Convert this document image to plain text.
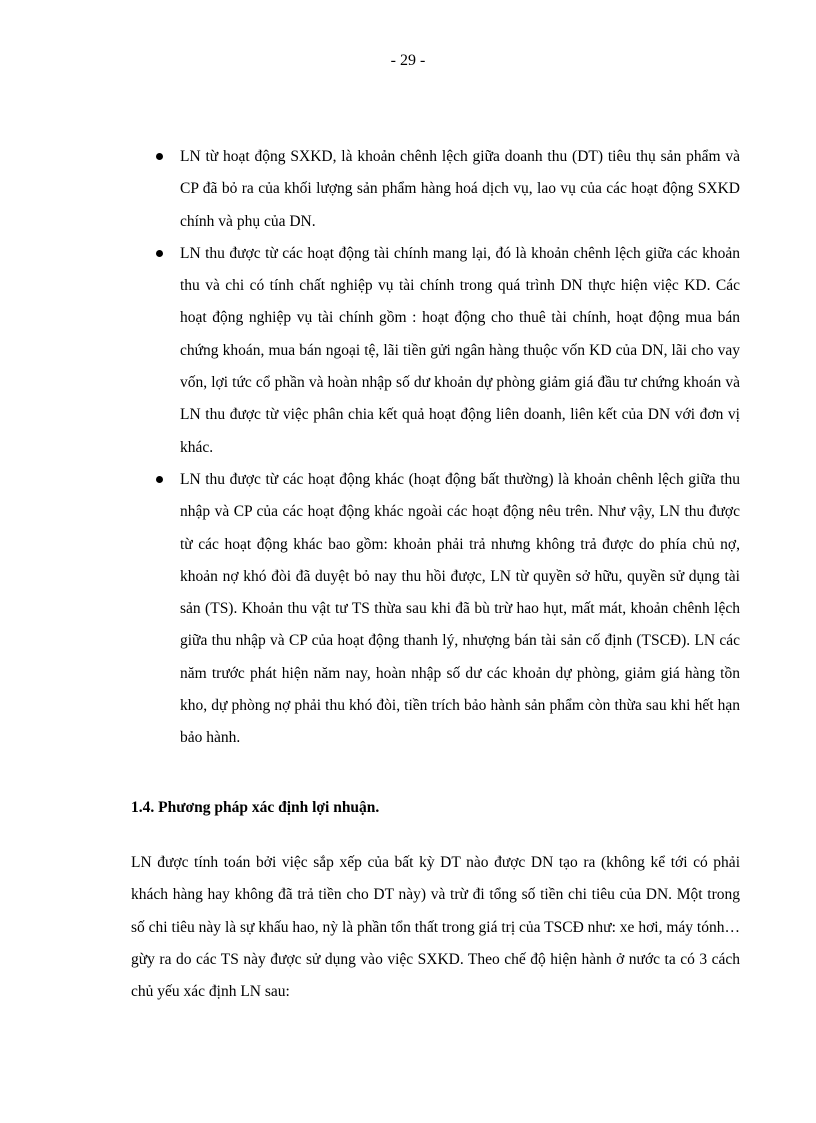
- 29 -
LN từ hoạt động SXKD, là khoản chênh lệch giữa doanh thu (DT) tiêu thụ sản phẩm và CP đã bỏ ra của khối lượng sản phẩm hàng hoá dịch vụ, lao vụ của các hoạt động SXKD chính và phụ của DN.
LN thu được từ các hoạt động tài chính mang lại, đó là khoản chênh lệch giữa các khoản thu và chi có tính chất nghiệp vụ tài chính trong quá trình DN thực hiện việc KD. Các hoạt động nghiệp vụ tài chính gồm : hoạt động cho thuê tài chính, hoạt động mua bán chứng khoán, mua bán ngoại tệ, lãi tiền gửi ngân hàng thuộc vốn KD của DN, lãi cho vay vốn, lợi tức cổ phần và hoàn nhập số dư khoản dự phòng giảm giá đầu tư chứng khoán và LN thu được từ việc phân chia kết quả hoạt động liên doanh, liên kết của DN với đơn vị khác.
LN thu được từ các hoạt động khác (hoạt động bất thường) là khoản chênh lệch giữa thu nhập và CP của các hoạt động khác ngoài các hoạt động nêu trên. Như vậy, LN thu được từ các hoạt động khác bao gồm: khoản phải trả nhưng không trả được do phía chủ nợ, khoản nợ khó đòi đã duyệt bỏ nay thu hồi được, LN từ quyền sở hữu, quyền sử dụng tài sản (TS). Khoản thu vật tư TS thừa sau khi đã bù trừ hao hụt, mất mát, khoản chênh lệch giữa thu nhập và CP của hoạt động thanh lý, nhượng bán tài sản cố định (TSCĐ). LN các năm trước phát hiện năm nay, hoàn nhập số dư các khoản dự phòng, giảm giá hàng tồn kho, dự phòng nợ phải thu khó đòi, tiền trích bảo hành sản phẩm còn thừa sau khi hết hạn bảo hành.
1.4. Phương pháp xác định lợi nhuận.

LN được tính toán bởi việc sắp xếp của bất kỳ DT nào được DN tạo ra (không kể tới có phải khách hàng hay không đã trả tiền cho DT này) và trừ đi tổng số tiền chi tiêu của DN. Một trong số chi tiêu này là sự khấu hao, nỳ là phần tổn thất trong giá trị của TSCĐ như: xe hơi, máy tónh…gừy ra do các TS này được sử dụng vào việc SXKD. Theo chế độ hiện hành ở nước ta có 3 cách chủ yếu xác định LN sau:
